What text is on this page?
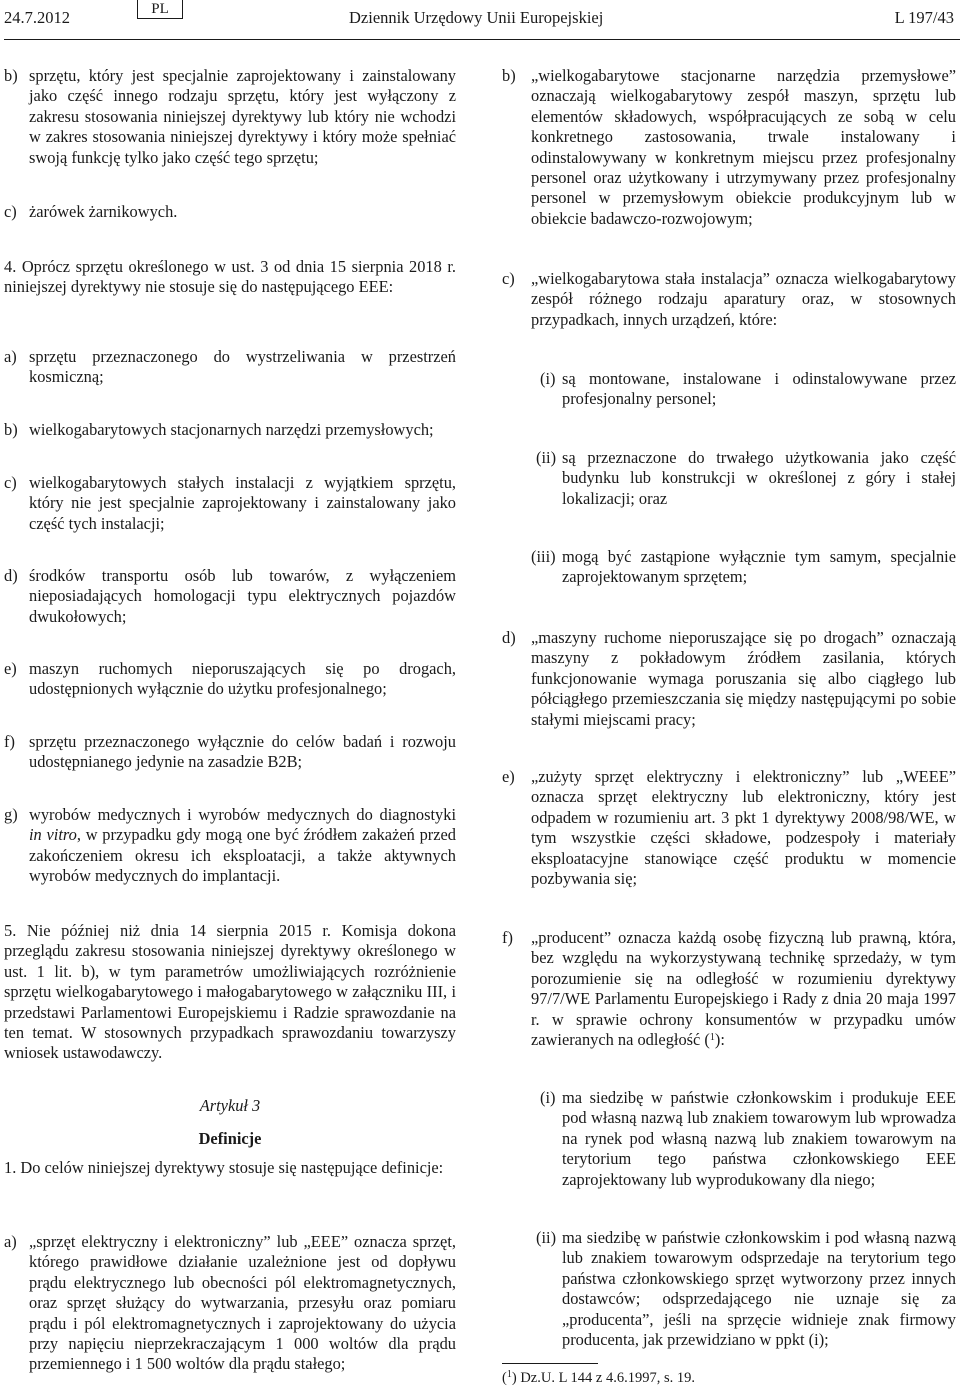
24.7.2012	PL	Dziennik Urzędowy Unii Europejskiej	L 197/43
b) sprzętu, który jest specjalnie zaprojektowany i zainstalowany jako część innego rodzaju sprzętu, który jest wyłączony z zakresu stosowania niniejszej dyrektywy lub który nie wchodzi w zakres stosowania niniejszej dyrektywy i który może spełniać swoją funkcję tylko jako część tego sprzętu;
c) żarówek żarnikowych.
4. Oprócz sprzętu określonego w ust. 3 od dnia 15 sierpnia 2018 r. niniejszej dyrektywy nie stosuje się do następującego EEE:
a) sprzętu przeznaczonego do wystrzeliwania w przestrzeń kosmiczną;
b) wielkogabarytowych stacjonarnych narzędzi przemysłowych;
c) wielkogabarytowych stałych instalacji z wyjątkiem sprzętu, który nie jest specjalnie zaprojektowany i zainstalowany jako część tych instalacji;
d) środków transportu osób lub towarów, z wyłączeniem nieposiadających homologacji typu elektrycznych pojazdów dwukołowych;
e) maszyn ruchomych nieporuszających się po drogach, udostępnionych wyłącznie do użytku profesjonalnego;
f) sprzętu przeznaczonego wyłącznie do celów badań i rozwoju udostępnianego jedynie na zasadzie B2B;
g) wyrobów medycznych i wyrobów medycznych do diagnostyki in vitro, w przypadku gdy mogą one być źródłem zakażeń przed zakończeniem okresu ich eksploatacji, a także aktywnych wyrobów medycznych do implantacji.
5. Nie później niż dnia 14 sierpnia 2015 r. Komisja dokona przeglądu zakresu stosowania niniejszej dyrektywy określonego w ust. 1 lit. b), w tym parametrów umożliwiających rozróżnienie sprzętu wielkogabarytowego i małogabarytowego w załączniku III, i przedstawi Parlamentowi Europejskiemu i Radzie sprawozdanie na ten temat. W stosownych przypadkach sprawozdaniu towarzyszy wniosek ustawodawczy.
Artykuł 3
Definicje
1. Do celów niniejszej dyrektywy stosuje się następujące definicje:
a) „sprzęt elektryczny i elektroniczny” lub „EEE” oznacza sprzęt, którego prawidłowe działanie uzależnione jest od dopływu prądu elektrycznego lub obecności pól elektromagnetycznych, oraz sprzęt służący do wytwarzania, przesyłu oraz pomiaru prądu i pól elektromagnetycznych i zaprojektowany do użycia przy napięciu nieprzekraczającym 1 000 woltów dla prądu przemiennego i 1 500 woltów dla prądu stałego;
b) „wielkogabarytowe stacjonarne narzędzia przemysłowe” oznaczają wielkogabarytowy zespół maszyn, sprzętu lub elementów składowych, współpracujących ze sobą w celu konkretnego zastosowania, trwale instalowany i odinstalowywany w konkretnym miejscu przez profesjonalny personel oraz użytkowany i utrzymywany przez profesjonalny personel w przemysłowym obiekcie produkcyjnym lub w obiekcie badawczo-rozwojowym;
c) „wielkogabarytowa stała instalacja” oznacza wielkogabarytowy zespół różnego rodzaju aparatury oraz, w stosownych przypadkach, innych urządzeń, które:
(i) są montowane, instalowane i odinstalowywane przez profesjonalny personel;
(ii) są przeznaczone do trwałego użytkowania jako część budynku lub konstrukcji w określonej z góry i stałej lokalizacji; oraz
(iii) mogą być zastąpione wyłącznie tym samym, specjalnie zaprojektowanym sprzętem;
d) „maszyny ruchome nieporuszające się po drogach” oznaczają maszyny z pokładowym źródłem zasilania, których funkcjonowanie wymaga poruszania się albo ciągłego lub półciągłego przemieszczania się między następującymi po sobie stałymi miejscami pracy;
e) „zużyty sprzęt elektryczny i elektroniczny” lub „WEEE” oznacza sprzęt elektryczny lub elektroniczny, który jest odpadem w rozumieniu art. 3 pkt 1 dyrektywy 2008/98/WE, w tym wszystkie części składowe, podzespoły i materiały eksploatacyjne stanowiące część produktu w momencie pozbywania się;
f) „producent” oznacza każdą osobę fizyczną lub prawną, która, bez względu na wykorzystywaną technikę sprzedaży, w tym porozumienie się na odległość w rozumieniu dyrektywy 97/7/WE Parlamentu Europejskiego i Rady z dnia 20 maja 1997 r. w sprawie ochrony konsumentów w przypadku umów zawieranych na odległość ($^1$):
(i) ma siedzibę w państwie członkowskim i produkuje EEE pod własną nazwą lub znakiem towarowym lub wprowadza na rynek pod własną nazwą lub znakiem towarowym na terytorium tego państwa członkowskiego EEE zaprojektowany lub wyprodukowany dla niego;
(ii) ma siedzibę w państwie członkowskim i pod własną nazwą lub znakiem towarowym odsprzedaje na terytorium tego państwa członkowskiego sprzęt wytworzony przez innych dostawców; odsprzedającego nie uznaje się za „producenta”, jeśli na sprzęcie widnieje znak firmowy producenta, jak przewidziano w ppkt (i);
($^1$) Dz.U. L 144 z 4.6.1997, s. 19.
